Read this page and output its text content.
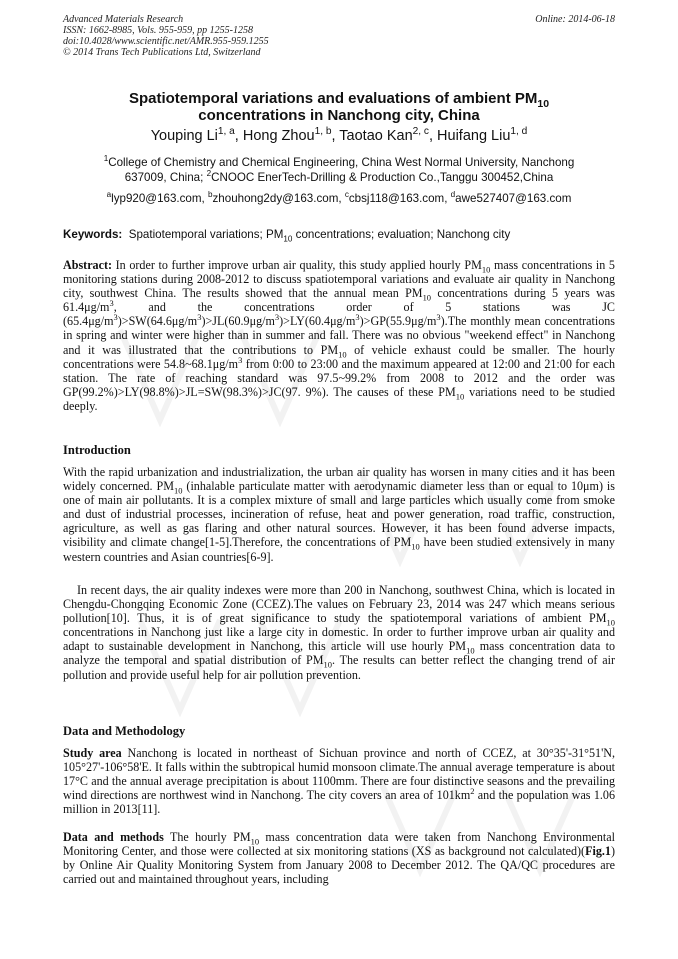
Advanced Materials Research
ISSN: 1662-8985, Vols. 955-959, pp 1255-1258
doi:10.4028/www.scientific.net/AMR.955-959.1255
© 2014 Trans Tech Publications Ltd, Switzerland
Online: 2014-06-18
Spatiotemporal variations and evaluations of ambient $PM_{10}$
concentrations in Nanchong city, China
Youping Li$^{1, a}$, Hong Zhou$^{1, b}$, Taotao Kan$^{2, c}$, Huifang Liu$^{1, d}$
$^1$College of Chemistry and Chemical Engineering, China West Normal University, Nanchong
637009, China; $^2$CNOOC EnerTech-Drilling & Production Co.,Tanggu 300452,China
$^a$lyp920@163.com, $^b$zhouhong2dy@163.com, $^c$cbsj118@163.com, $^d$awe527407@163.com
Keywords: Spatiotemporal variations; $PM_{10}$ concentrations; evaluation; Nanchong city

Abstract: In order to further improve urban air quality, this study applied hourly $PM_{10}$ mass concentrations in 5 monitoring stations during 2008-2012 to discuss spatiotemporal variations and evaluate air quality in Nanchong city, southwest China. The results showed that the annual mean $PM_{10}$ concentrations during 5 years was $61.4\mu g/m^3$, and the concentrations order of 5 stations was JC $(65.4\mu g/m^3)>SW(64.6\mu g/m^3)>JL(60.9\mu g/m^3)>LY(60.4\mu g/m^3)>GP(55.9\mu g/m^3).The$ monthly mean concentrations in spring and winter were higher than in summer and fall. There was no obvious "weekend effect" in Nanchong and it was illustrated that the contributions to $PM_{10}$ of vehicle exhaust could be smaller. The hourly concentrations were $54.8\sim 68.1\mu g/m^3$ from 0:00 to 23:00 and the maximum appeared at 12:00 and 21:00 for each station. The rate of reaching standard was 97.5~99.2% from 2008 to 2012 and the order was GP(99.2%)>LY(98.8%)>JL=SW(98.3%)>JC(97. 9%). The causes of these $PM_{10}$ variations need to be studied deeply.

Introduction

With the rapid urbanization and industrialization, the urban air quality has worsen in many cities and it has been widely concerned. $PM_{10}$ (inhalable particulate matter with aerodynamic diameter less than or equal to 10μm) is one of main air pollutants. It is a complex mixture of small and large particles which usually come from smoke and dust of industrial processes, incineration of refuse, heat and power generation, road traffic, construction, agriculture, as well as gas flaring and other natural sources. However, it has been found adverse impacts, visibility and climate change[1-5].Therefore, the concentrations of $PM_{10}$ have been studied extensively in many western countries and Asian countries[6-9].

In recent days, the air quality indexes were more than 200 in Nanchong, southwest China, which is located in Chengdu-Chongqing Economic Zone (CCEZ).The values on February 23, 2014 was 247 which means serious pollution[10]. Thus, it is of great significance to study the spatiotemporal variations of ambient $PM_{10}$ concentrations in Nanchong just like a large city in domestic. In order to further improve urban air quality and adapt to sustainable development in Nanchong, this article will use hourly $PM_{10}$ mass concentration data to analyze the temporal and spatial distribution of $PM_{10}$. The results can better reflect the changing trend of air pollution and provide useful help for air pollution prevention.

Data and Methodology

Study area Nanchong is located in northeast of Sichuan province and north of CCEZ, at 30°35'-31°51'N, 105°27'-106°58'E. It falls within the subtropical humid monsoon climate.The annual average temperature is about 17°C and the annual average precipitation is about 1100mm. There are four distinctive seasons and the prevailing wind directions are northwest wind in Nanchong. The city covers an area of $101km^2$ and the population was 1.06 million in 2013[11].

Data and methods The hourly $PM_{10}$ mass concentration data were taken from Nanchong Environmental Monitoring Center, and those were collected at six monitoring stations (XS as background not calculated)(Fig.1) by Online Air Quality Monitoring System from January 2008 to December 2012. The QA/QC procedures are carried out and maintained throughout years, including
